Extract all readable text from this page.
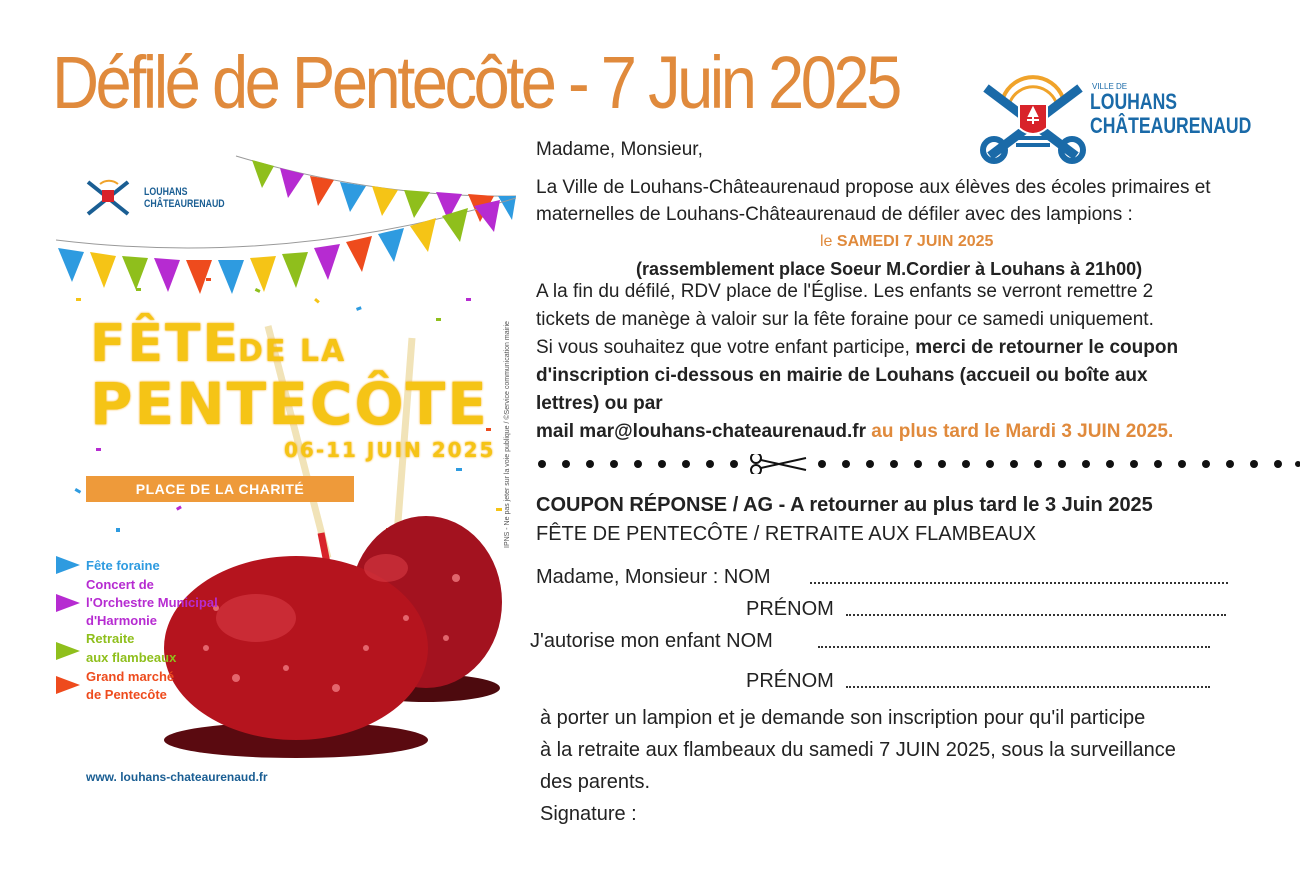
Défilé de Pentecôte - 7 Juin 2025	VILLE DE
LOUHANS
CHÂTEAURENAUD
LOUHANS
CHÂTEAURENAUD
FÊTE
DE LA
PENTECÔTE
06-11 JUIN 2025
PLACE DE LA CHARITÉ
Fête foraine
Concert de
l'Orchestre Municipal
d'Harmonie
Retraite
aux flambeaux
Grand marché
de Pentecôte
www. louhans-chateaurenaud.fr
IPNS - Ne pas jeter sur la voie publique / ©Service communication mairie
Madame, Monsieur,
La Ville de Louhans-Châteaurenaud propose aux élèves des écoles primaires et
maternelles de Louhans-Châteaurenaud de défiler avec des lampions :
le SAMEDI 7 JUIN 2025
(rassemblement place Soeur M.Cordier à Louhans à 21h00)
A la fin du défilé, RDV place de l'Église. Les enfants se verront remettre 2
tickets de manège à valoir sur la fête foraine pour ce samedi uniquement.
Si vous souhaitez que votre enfant participe, merci de retourner le coupon
d'inscription ci-dessous en mairie de Louhans (accueil ou boîte aux
lettres) ou par
mail mar@louhans-chateaurenaud.fr au plus tard le Mardi 3 JUIN 2025.
COUPON RÉPONSE / AG - A retourner au plus tard le 3 Juin 2025
FÊTE DE PENTECÔTE / RETRAITE AUX FLAMBEAUX
Madame, Monsieur : NOM
PRÉNOM
J'autorise mon enfant NOM
PRÉNOM
à porter un lampion et je demande son inscription pour qu'il participe
à la retraite aux flambeaux du samedi 7 JUIN 2025, sous la surveillance
des parents.
Signature :
